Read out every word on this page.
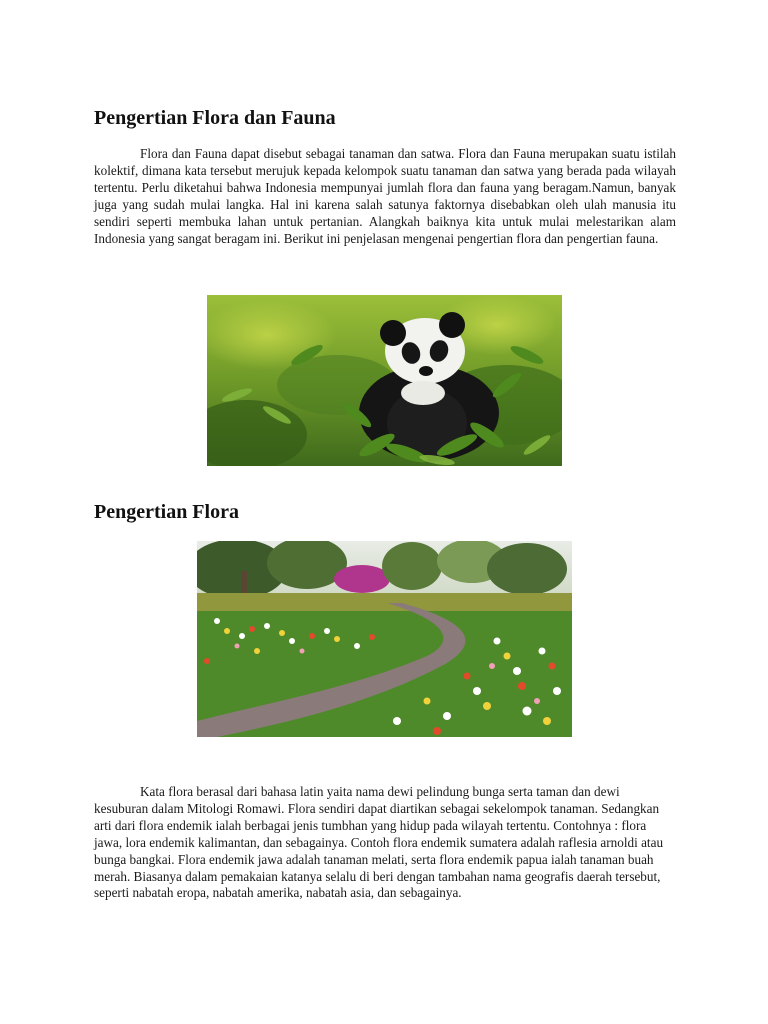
Pengertian Flora dan Fauna

Flora dan Fauna dapat disebut sebagai tanaman dan satwa. Flora dan Fauna merupakan suatu istilah kolektif, dimana kata tersebut merujuk kepada kelompok suatu tanaman dan satwa yang berada pada wilayah tertentu. Perlu diketahui bahwa Indonesia mempunyai jumlah flora dan fauna yang beragam.Namun, banyak juga yang sudah mulai langka. Hal ini karena salah satunya faktornya disebabkan oleh ulah manusia itu sendiri seperti membuka lahan untuk pertanian. Alangkah baiknya kita untuk mulai melestarikan alam Indonesia yang sangat beragam ini. Berikut ini penjelasan mengenai pengertian flora dan pengertian fauna.

Pengertian Flora

Kata flora berasal dari bahasa latin yaita nama dewi pelindung bunga serta taman dan dewi kesuburan dalam Mitologi Romawi. Flora sendiri dapat diartikan sebagai sekelompok tanaman. Sedangkan arti dari flora endemik ialah berbagai jenis tumbhan yang hidup pada wilayah tertentu. Contohnya : flora jawa, lora endemik kalimantan, dan sebagainya. Contoh flora endemik sumatera adalah raflesia arnoldi atau bunga bangkai. Flora endemik jawa adalah tanaman melati, serta flora endemik papua ialah tanaman buah merah. Biasanya dalam pemakaian katanya selalu di beri dengan tambahan nama geografis daerah tersebut, seperti nabatah eropa, nabatah amerika, nabatah asia, dan sebagainya.
